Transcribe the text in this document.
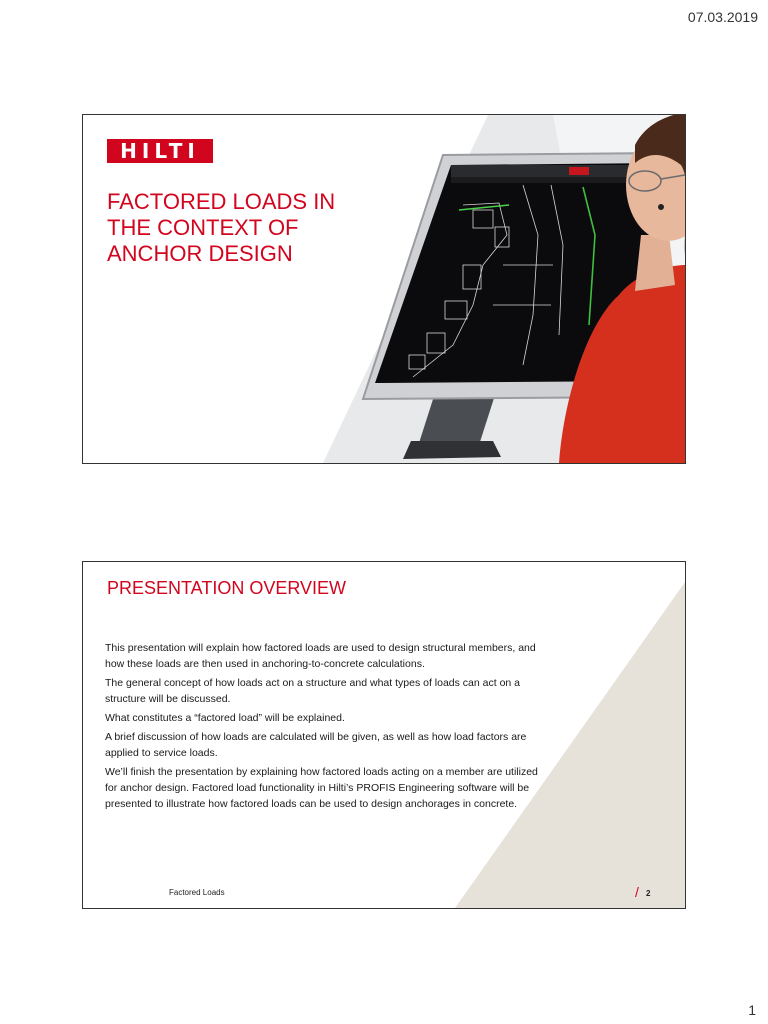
07.03.2019
HILTI
FACTORED LOADS IN
THE CONTEXT OF
ANCHOR DESIGN
PRESENTATION OVERVIEW

This presentation will explain how factored loads are used to design structural members, and how these loads are then used in anchoring-to-concrete calculations.

The general concept of how loads act on a structure and what types of loads can act on a structure will be discussed.

What constitutes a “factored load” will be explained.

A brief discussion of how loads are calculated will be given, as well as how load factors are applied to service loads.

We’ll finish the presentation by explaining how factored loads acting on a member are utilized for anchor design. Factored load functionality in Hilti’s PROFIS Engineering software will be presented to illustrate how factored loads can be used to design anchorages in concrete.

Factored Loads	/ 2
1
